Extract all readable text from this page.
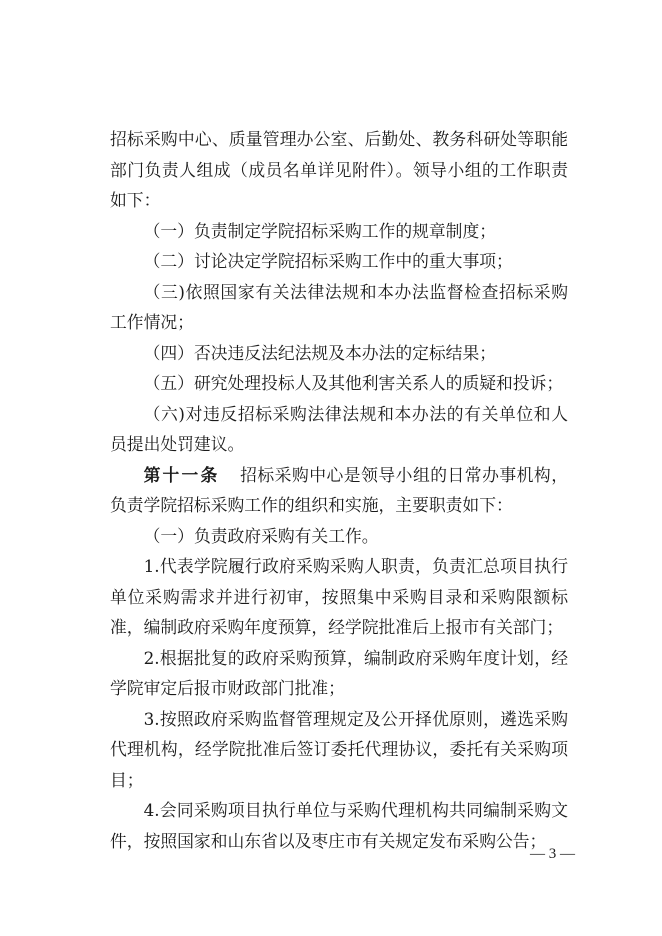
招标采购中心、质量管理办公室、后勤处、教务科研处等职能部门负责人组成（成员名单详见附件）。领导小组的工作职责如下：

（一）负责制定学院招标采购工作的规章制度；

（二）讨论决定学院招标采购工作中的重大事项；

（三)依照国家有关法律法规和本办法监督检查招标采购工作情况；

（四）否决违反法纪法规及本办法的定标结果；

（五）研究处理投标人及其他利害关系人的质疑和投诉；

（六)对违反招标采购法律法规和本办法的有关单位和人员提出处罚建议。

第十一条 招标采购中心是领导小组的日常办事机构，负责学院招标采购工作的组织和实施，主要职责如下：

（一）负责政府采购有关工作。

1.代表学院履行政府采购采购人职责，负责汇总项目执行单位采购需求并进行初审，按照集中采购目录和采购限额标准，编制政府采购年度预算，经学院批准后上报市有关部门；

2.根据批复的政府采购预算，编制政府采购年度计划，经学院审定后报市财政部门批准；

3.按照政府采购监督管理规定及公开择优原则，遴选采购代理机构，经学院批准后签订委托代理协议，委托有关采购项目；

4.会同采购项目执行单位与采购代理机构共同编制采购文件，按照国家和山东省以及枣庄市有关规定发布采购公告；

— 3 —
